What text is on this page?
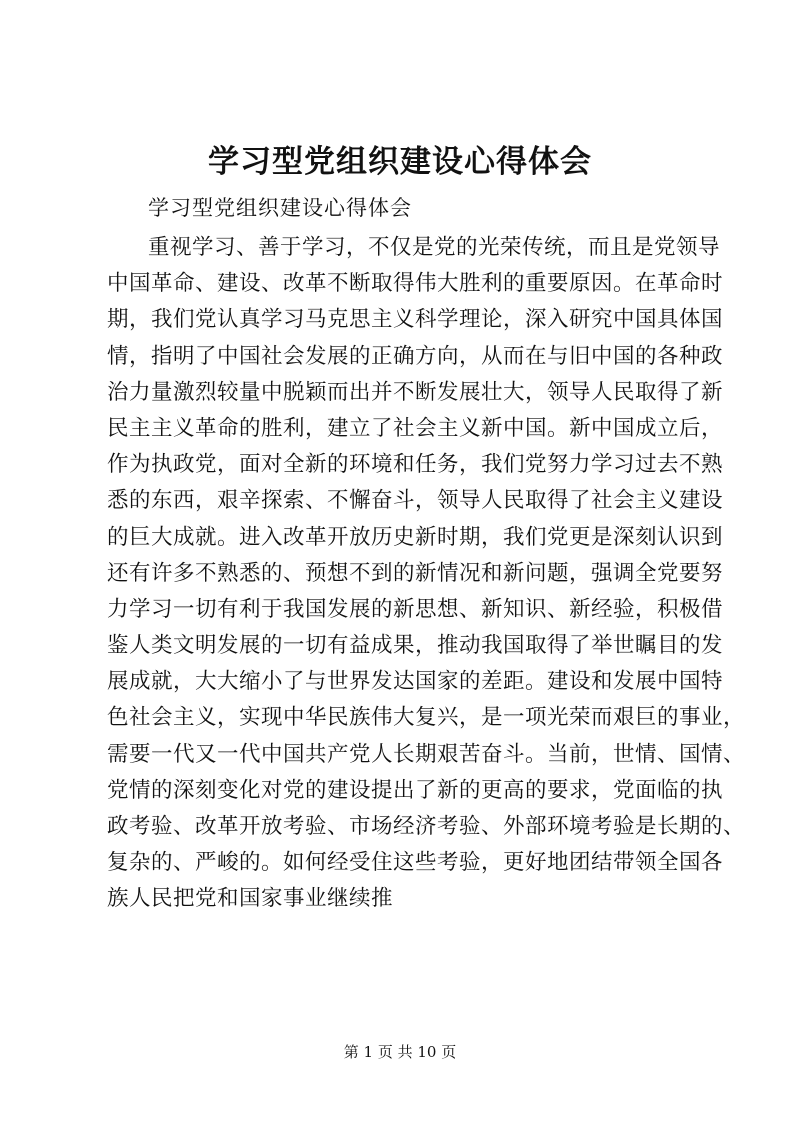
学习型党组织建设心得体会

学习型党组织建设心得体会

重视学习、善于学习，不仅是党的光荣传统，而且是党领导
中国革命、建设、改革不断取得伟大胜利的重要原因。在革命时
期，我们党认真学习马克思主义科学理论，深入研究中国具体国
情，指明了中国社会发展的正确方向，从而在与旧中国的各种政
治力量激烈较量中脱颖而出并不断发展壮大，领导人民取得了新
民主主义革命的胜利，建立了社会主义新中国。新中国成立后，
作为执政党，面对全新的环境和任务，我们党努力学习过去不熟
悉的东西，艰辛探索、不懈奋斗，领导人民取得了社会主义建设
的巨大成就。进入改革开放历史新时期，我们党更是深刻认识到
还有许多不熟悉的、预想不到的新情况和新问题，强调全党要努
力学习一切有利于我国发展的新思想、新知识、新经验，积极借
鉴人类文明发展的一切有益成果，推动我国取得了举世瞩目的发
展成就，大大缩小了与世界发达国家的差距。建设和发展中国特
色社会主义，实现中华民族伟大复兴，是一项光荣而艰巨的事业，
需要一代又一代中国共产党人长期艰苦奋斗。当前，世情、国情、
党情的深刻变化对党的建设提出了新的更高的要求，党面临的执
政考验、改革开放考验、市场经济考验、外部环境考验是长期的、
复杂的、严峻的。如何经受住这些考验，更好地团结带领全国各
族人民把党和国家事业继续推

第 1 页 共 10 页
